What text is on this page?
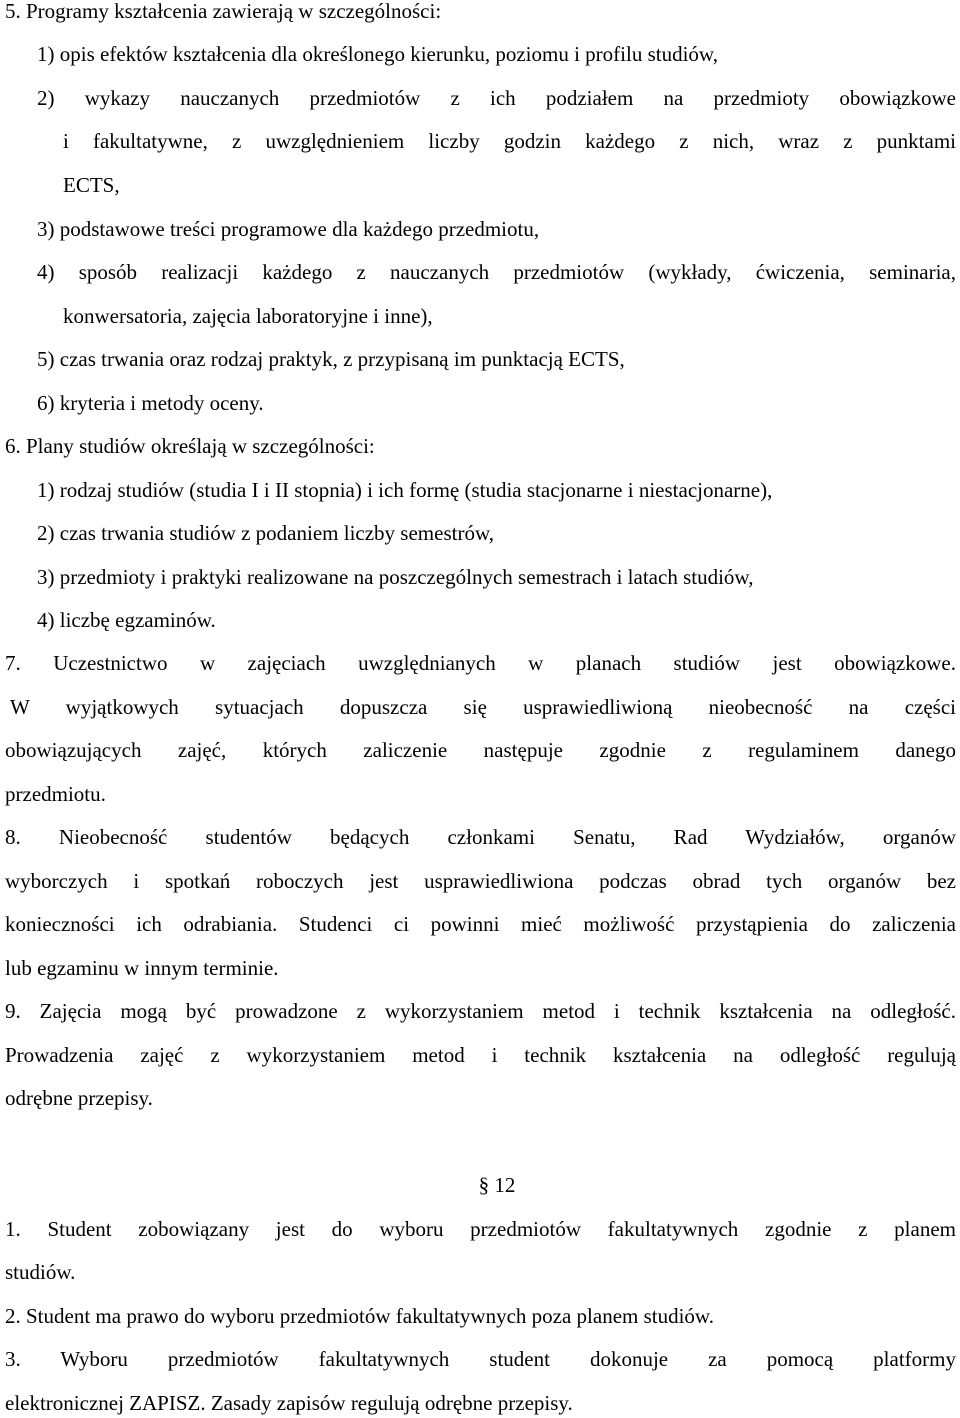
5. Programy kształcenia zawierają w szczególności:
1) opis efektów kształcenia dla określonego kierunku, poziomu i profilu studiów,
2) wykazy nauczanych przedmiotów z ich podziałem na przedmioty obowiązkowe
i fakultatywne, z uwzględnieniem liczby godzin każdego z nich, wraz z punktami
ECTS,
3) podstawowe treści programowe dla każdego przedmiotu,
4) sposób realizacji każdego z nauczanych przedmiotów (wykłady, ćwiczenia, seminaria,
konwersatoria, zajęcia laboratoryjne i inne),
5) czas trwania oraz rodzaj praktyk, z przypisaną im punktacją ECTS,
6) kryteria i metody oceny.
6. Plany studiów określają w szczególności:
1) rodzaj studiów (studia I i II stopnia) i ich formę (studia stacjonarne i niestacjonarne),
2) czas trwania studiów z podaniem liczby semestrów,
3) przedmioty i praktyki realizowane na poszczególnych semestrach i latach studiów,
4) liczbę egzaminów.
7. Uczestnictwo w zajęciach uwzględnianych w planach studiów jest obowiązkowe.
W wyjątkowych sytuacjach dopuszcza się usprawiedliwioną nieobecność na części
obowiązujących zajęć, których zaliczenie następuje zgodnie z regulaminem danego
przedmiotu.
8. Nieobecność studentów będących członkami Senatu, Rad Wydziałów, organów
wyborczych i spotkań roboczych jest usprawiedliwiona podczas obrad tych organów bez
konieczności ich odrabiania. Studenci ci powinni mieć możliwość przystąpienia do zaliczenia
lub egzaminu w innym terminie.
9. Zajęcia mogą być prowadzone z wykorzystaniem metod i technik kształcenia na odległość.
Prowadzenia zajęć z wykorzystaniem metod i technik kształcenia na odległość regulują
odrębne przepisy.
§ 12
1. Student zobowiązany jest do wyboru przedmiotów fakultatywnych zgodnie z planem
studiów.
2. Student ma prawo do wyboru przedmiotów fakultatywnych poza planem studiów.
3. Wyboru przedmiotów fakultatywnych student dokonuje za pomocą platformy
elektronicznej ZAPISZ. Zasady zapisów regulują odrębne przepisy.
